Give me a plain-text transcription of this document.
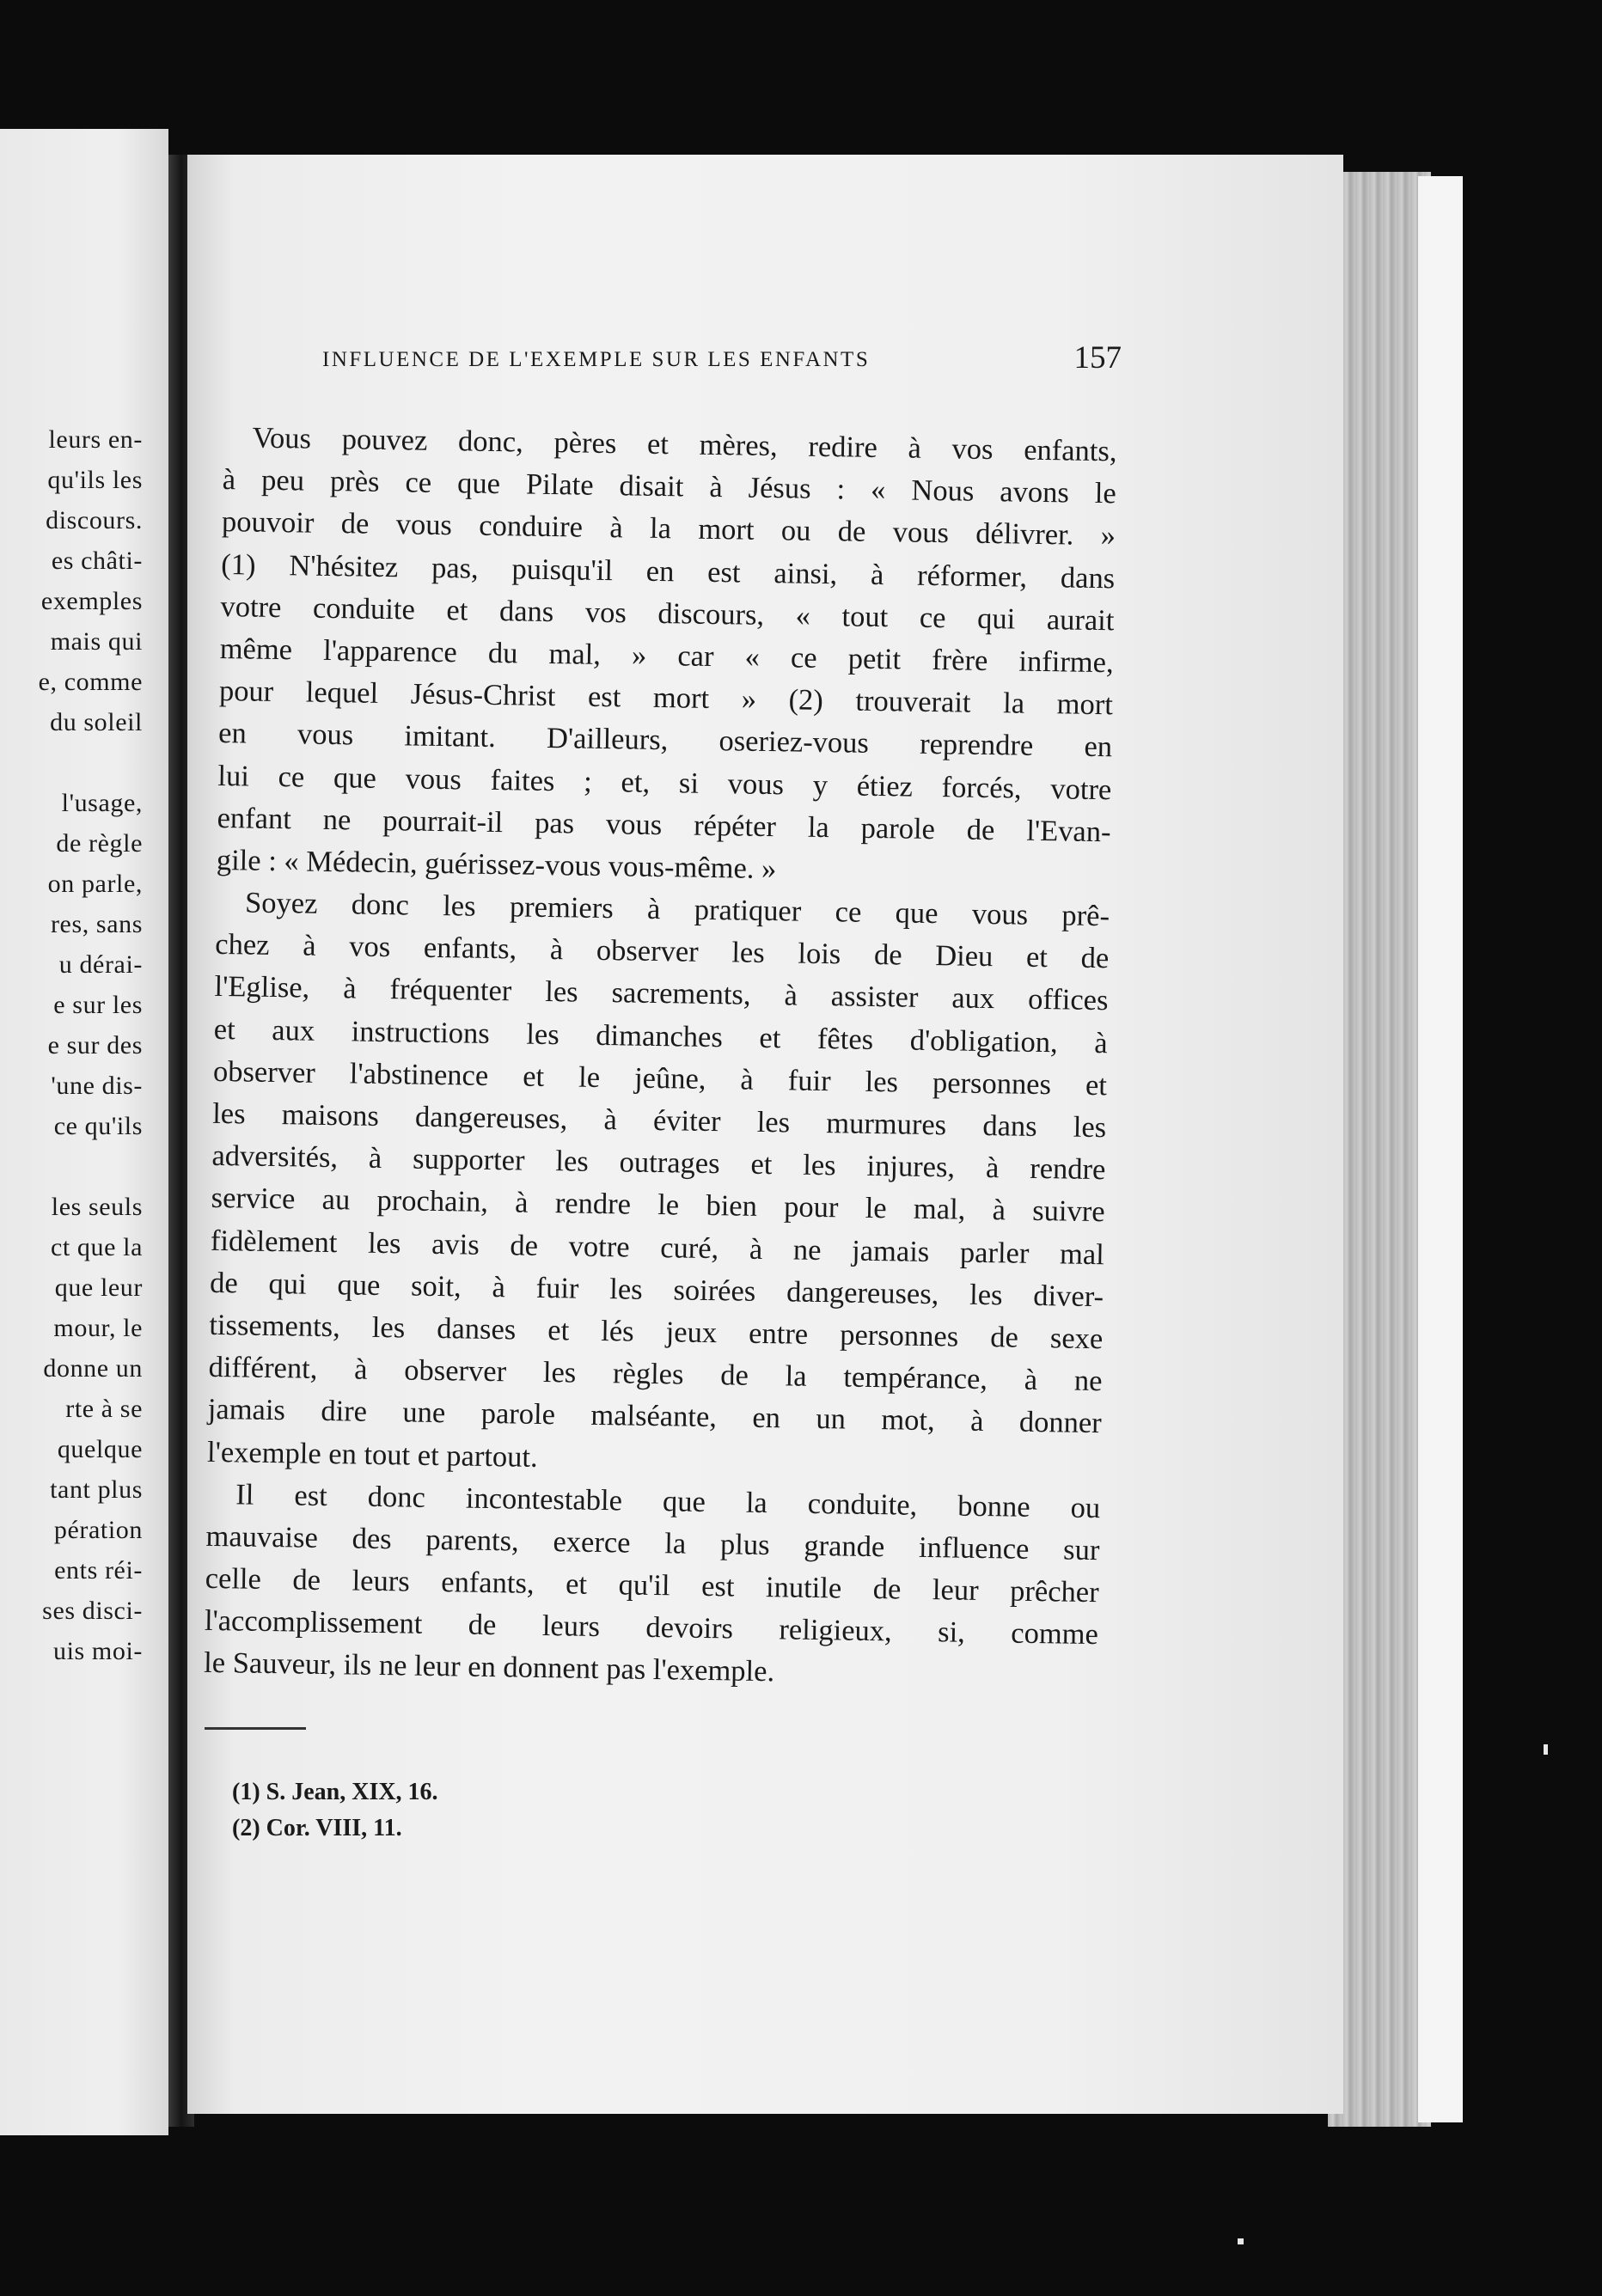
leurs en-
qu'ils les
discours.
es châti-
exemples
mais qui
e, comme
du soleil
l'usage,
de règle
on parle,
res, sans
u dérai-
e sur les
e sur des
'une dis-
ce qu'ils
les seuls
ct que la
que leur
mour, le
donne un
rte à se
quelque
tant plus
pération
ents réi-
ses disci-
uis moi-
INFLUENCE DE L'EXEMPLE SUR LES ENFANTS	157
Vous pouvez donc, pères et mères, redire à vos enfants,
à peu près ce que Pilate disait à Jésus : « Nous avons le
pouvoir de vous conduire à la mort ou de vous délivrer. »
(1) N'hésitez pas, puisqu'il en est ainsi, à réformer, dans
votre conduite et dans vos discours, « tout ce qui aurait
même l'apparence du mal, » car « ce petit frère infirme,
pour lequel Jésus-Christ est mort » (2) trouverait la mort
en vous imitant. D'ailleurs, oseriez-vous reprendre en
lui ce que vous faites ; et, si vous y étiez forcés, votre
enfant ne pourrait-il pas vous répéter la parole de l'Evan-
gile : « Médecin, guérissez-vous vous-même. »
Soyez donc les premiers à pratiquer ce que vous prê-
chez à vos enfants, à observer les lois de Dieu et de
l'Eglise, à fréquenter les sacrements, à assister aux offices
et aux instructions les dimanches et fêtes d'obligation, à
observer l'abstinence et le jeûne, à fuir les personnes et
les maisons dangereuses, à éviter les murmures dans les
adversités, à supporter les outrages et les injures, à rendre
service au prochain, à rendre le bien pour le mal, à suivre
fidèlement les avis de votre curé, à ne jamais parler mal
de qui que soit, à fuir les soirées dangereuses, les diver-
tissements, les danses et lés jeux entre personnes de sexe
différent, à observer les règles de la tempérance, à ne
jamais dire une parole malséante, en un mot, à donner
l'exemple en tout et partout.
Il est donc incontestable que la conduite, bonne ou
mauvaise des parents, exerce la plus grande influence sur
celle de leurs enfants, et qu'il est inutile de leur prêcher
l'accomplissement de leurs devoirs religieux, si, comme
le Sauveur, ils ne leur en donnent pas l'exemple.
(1) S. Jean, XIX, 16.
(2) Cor. VIII, 11.
